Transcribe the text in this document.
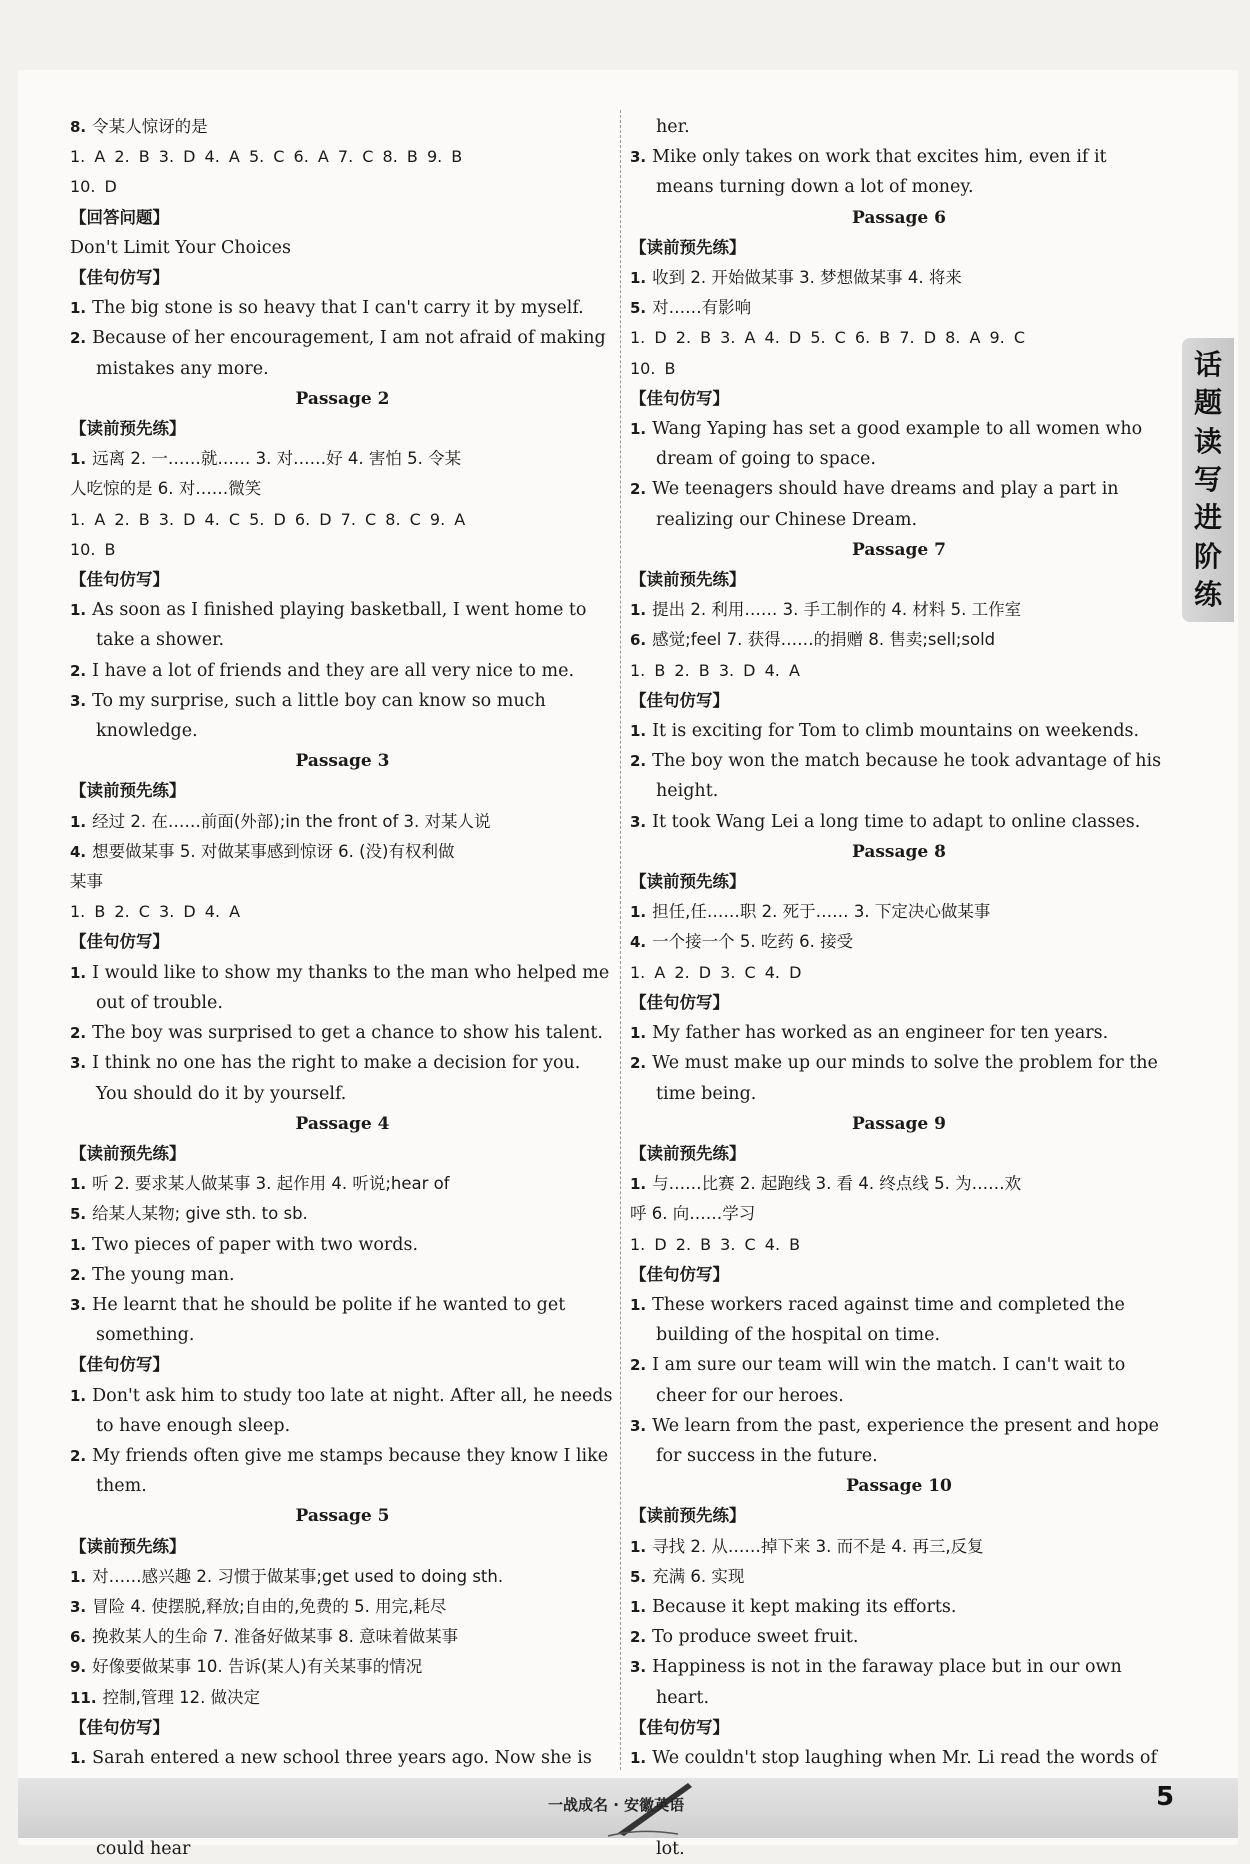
8. 令某人惊讶的是
1. A 2. B 3. D 4. A 5. C 6. A 7. C 8. B 9. B
10. D
【回答问题】
Don't Limit Your Choices
【佳句仿写】
1. The big stone is so heavy that I can't carry it by myself.
2. Because of her encouragement, I am not afraid of making mistakes any more.
Passage 2
【读前预先练】
1. 远离 2. 一……就…… 3. 对……好 4. 害怕 5. 令某
人吃惊的是 6. 对……微笑
1. A 2. B 3. D 4. C 5. D 6. D 7. C 8. C 9. A
10. B
【佳句仿写】
1. As soon as I finished playing basketball, I went home to take a shower.
2. I have a lot of friends and they are all very nice to me.
3. To my surprise, such a little boy can know so much knowledge.
Passage 3
【读前预先练】
1. 经过 2. 在……前面(外部);in the front of 3. 对某人说
4. 想要做某事 5. 对做某事感到惊讶 6. (没)有权利做
某事
1. B 2. C 3. D 4. A
【佳句仿写】
1. I would like to show my thanks to the man who helped me out of trouble.
2. The boy was surprised to get a chance to show his talent.
3. I think no one has the right to make a decision for you. You should do it by yourself.
Passage 4
【读前预先练】
1. 听 2. 要求某人做某事 3. 起作用 4. 听说;hear of
5. 给某人某物; give sth. to sb.
1. Two pieces of paper with two words.
2. The young man.
3. He learnt that he should be polite if he wanted to get something.
【佳句仿写】
1. Don't ask him to study too late at night. After all, he needs to have enough sleep.
2. My friends often give me stamps because they know I like them.
Passage 5
【读前预先练】
1. 对……感兴趣 2. 习惯于做某事;get used to doing sth.
3. 冒险 4. 使摆脱,释放;自由的,免费的 5. 用完,耗尽
6. 挽救某人的生命 7. 准备好做某事 8. 意味着做某事
9. 好像要做某事 10. 告诉(某人)有关某事的情况
11. 控制,管理 12. 做决定
【佳句仿写】
1. Sarah entered a new school three years ago. Now she is
could hear
her.
3. Mike only takes on work that excites him, even if it means turning down a lot of money.
Passage 6
【读前预先练】
1. 收到 2. 开始做某事 3. 梦想做某事 4. 将来
5. 对……有影响
1. D 2. B 3. A 4. D 5. C 6. B 7. D 8. A 9. C
10. B
【佳句仿写】
1. Wang Yaping has set a good example to all women who dream of going to space.
2. We teenagers should have dreams and play a part in realizing our Chinese Dream.
Passage 7
【读前预先练】
1. 提出 2. 利用…… 3. 手工制作的 4. 材料 5. 工作室
6. 感觉;feel 7. 获得……的捐赠 8. 售卖;sell;sold
1. B 2. B 3. D 4. A
【佳句仿写】
1. It is exciting for Tom to climb mountains on weekends.
2. The boy won the match because he took advantage of his height.
3. It took Wang Lei a long time to adapt to online classes.
Passage 8
【读前预先练】
1. 担任,任……职 2. 死于…… 3. 下定决心做某事
4. 一个接一个 5. 吃药 6. 接受
1. A 2. D 3. C 4. D
【佳句仿写】
1. My father has worked as an engineer for ten years.
2. We must make up our minds to solve the problem for the time being.
Passage 9
【读前预先练】
1. 与……比赛 2. 起跑线 3. 看 4. 终点线 5. 为……欢
呼 6. 向……学习
1. D 2. B 3. C 4. B
【佳句仿写】
1. These workers raced against time and completed the building of the hospital on time.
2. I am sure our team will win the match. I can't wait to cheer for our heroes.
3. We learn from the past, experience the present and hope for success in the future.
Passage 10
【读前预先练】
1. 寻找 2. 从……掉下来 3. 而不是 4. 再三,反复
5. 充满 6. 实现
1. Because it kept making its efforts.
2. To produce sweet fruit.
3. Happiness is not in the faraway place but in our own heart.
【佳句仿写】
1. We couldn't stop laughing when Mr. Li read the words of
lot.
话
题
读
写
进
阶
练
一战成名 · 安徽英语	5
